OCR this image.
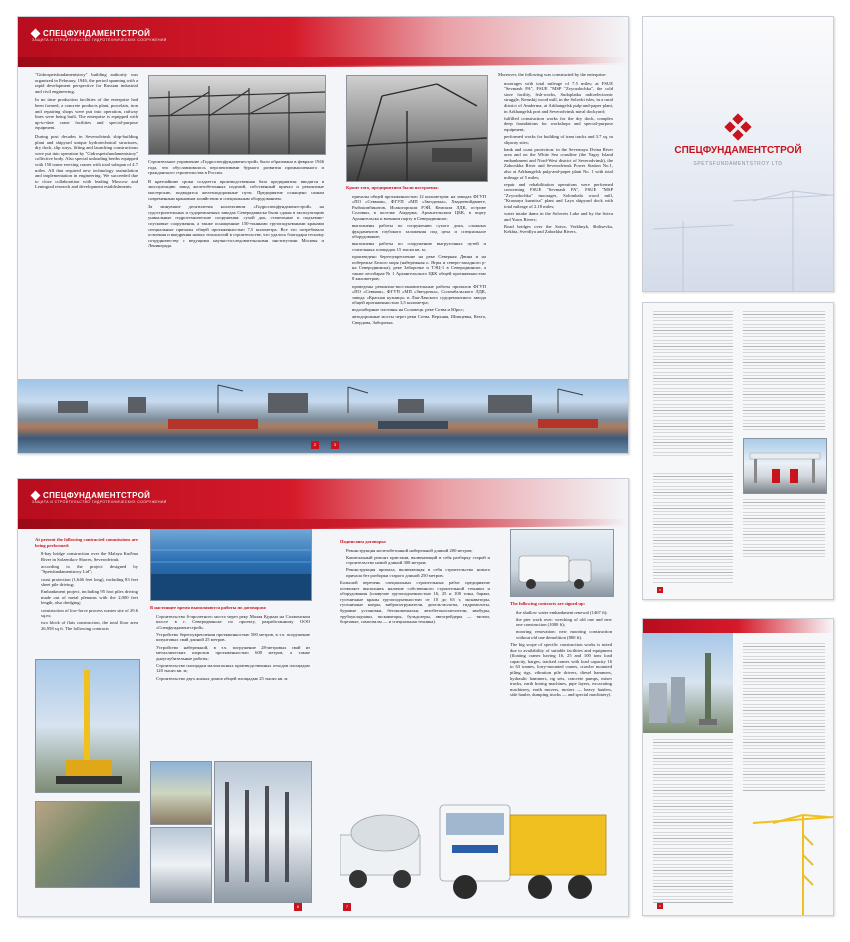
СПЕЦФУНДАМЕНТСТРОЙ
ЗАЩИТА И СТРОИТЕЛЬСТВО ГИДРОТЕХНИЧЕСКИХ СООРУЖЕНИЙ

"Gidrospetsfundamentstroy" building authority was organized in February, 1946, the period spanning with a rapid development perspective for Russian industrial and civil engineering.

In no time production facilities of the enterprise had been formed, a concrete products plant, porcelain, iron and repairing shops were put into operation, railway lines were being built. The enterprise is equipped with up-to-date crane facilities and special-purpose equipment.

During post decades in Severodvinsk ship-building plant and shipyard unique hydrotechnical structures, dry dock, slip ways, lifting and launching constructions were put into operation by "Gidrospetsfundamentstroy" collective body. Also special unloading berths equipped with 150 tonne erecting cranes with total subspan of 4.7 miles. All that required new technology assimilation and implementation in engineering. We succeeded due to close collaboration with leading Moscow and Leningrad research and development establishments.

Строительное управление «Гидроспецфундаментстрой» было образовано в феврале 1946 года, что обуславливалось перспективами бурного развития промышленного и гражданского строительства в России.

В кратчайшие сроки создается производственная база предприятия: вводятся в эксплуатацию завод железобетонных изделий, собственный причал и ремонтные мастерские, подводятся железнодорожные пути. Предприятие оснащено самым современным крановым хозяйством и специальным оборудованием.

За минувшие десятилетия коллективом «Гидроспецфундаментстрой» на судостроительных и судоремонтных заводах Северодвинска были сданы в эксплуатацию уникальные гидротехнические сооружения: сухой док, стапельные и подъемно-спусковые сооружения, а также оснащенные 150-тонными грузоподъемными кранами специальные причалы общей протяженностью 7,5 километра. Все это потребовало освоения и внедрения новых технологий в строительстве, что удалось благодаря тесному сотрудничеству с ведущими научно-исследовательскими институтами Москвы и Ленинграда.

Кроме того, предприятием были построены:

• причалы общей протяженностью 12 километров: на заводах ФГУП «ПО «Севмаш», ФГУП «МП «Звездочка», Хвадеевойдвиеге, Рыбокомбинатов, Исакогорском РЭЙ, Кемском ЛДК, острове Соловки, в поселке Амдерма, Архангельском ЦБК, в порту Архангельска и военном порту в Северодвинске;
• выполнены работы по сооружению сухого дока, сложных фундаментов глубокого заложения под цеха и специальное оборудование;
• выполнены работы по сооружению выгрузочных путей и стапельных площадок 15 тысяч кв. м;
• произведено берегоукрепление на реке Северная Двина и на побережье Белого моря (набережная о. Ягры и северо-западного р-на Северодвинска), реке Заборочье и ТЭЦ-1 в Северодвинске, а также леспбарае № 1 Архангельского ЦБК общей протяженностью 8 километров;
• проведены ремонтно-восстановительные работы причалов ФГУП «ПО «Севмаш», ФГУП «МП «Звездочка», Соломбальского ЛДК, завода «Красная кузница» и Лая-Лаяского судоремонтного завода общей протяженностью 3,5 километра;
• водозаборные плотины на Соловецк. реке Сотва и Юрос;
• автодорожные мосты через реки Сотва, Верхняя, Шипцевка, Кехта, Свердова, Заборочка.

Moreover, the following was constructed by the enterprise:

• moorages with total mileage of 7.5 miles; at FSUE "Sevmash PA", FSUE "MSP "Zvyozdochka", the cold store facility, fish-works, Sudoplatka radioelectronic struggle, Kemskij wood mill, in the Solovki isles, in a rural district of Amderma, at Arkhangelsk pulp-and-paper plant, in Arkhangelsk port and Severodvinsk naval dockyard;
• fulfilled construction works for the dry dock, complex deep foundations for workshops and special-purpose equipment;
• performed works for building of tram tracks and 3.7 sq. m slipway sites;
• bank and coast protection: in the Severnaya Dvina River area and on the White Sea coastline (the Yagry Island embankment and Nord-West district of Severodvinsk), the Zaborskha River and Severodvinsk Power Station No.1, also at Arkhangelsk pulp-and-paper plant No. 1 with total mileage of 5 miles;
• repair and rehabilitation operations were performed concerning FSUE "Sevmash PA", FSUE "MSP "Zvyozdochka" moorages, Solombala wood mill, "Krasnaya kuznitsa" plant and Laya shipyard dock with total mileage of 2.18 miles;
• water intake dams in the Solovets Lake and by the Sotva and Yuros Rivers;
• Road bridges over the Sotva, Verkhnyk, Shiltsevka, Kekhta, Sverdlya and Zaborkha Rivers.
2	3
СПЕЦФУНДАМЕНТСТРОЙ
ЗАЩИТА И СТРОИТЕЛЬСТВО ГИДРОТЕХНИЧЕСКИХ СООРУЖЕНИЙ

At present the following contracted commissions are being performed:

• 8-bay bridge construction over the Malaya Kud'ma River in Solzenikov Shores, Severodvinsk
• according to the project designed by "Spetsfundamentstroy Ltd";
• coast protection (1,646 feet long), including 83 feet sheet pile driving;
• Embankment project, including 95 foot piles driving made out of metal plenums with the 2,000 feet length, also dredging;
• construction of low-force process wastes site of 29.6 sq.m;
• two block of flats construction, the total floor area 26,958 sq ft. The following contracts

В настоящее время выполняются работы по договорам:

• Строительство 6-пролетного моста через реку Малая Кудьма на Солженском шоссе в г. Северодвинске по проекту, разработанному ООО «Спецфундаментстрой».
• Устройство берегоукрепления протяженностью 500 метров, в т.ч. погружение шпунтовых свай длиной 25 метров.
• Устройство набережной, в т.ч. погружение 28-метровых свай из металлических шорохов протяженностью 600 метров, а также дноуглубительные работы;
• Строительство площадки малоопасных производственных отходов площадью 120 тысяч кв. м;
• Строительство двух жилых домов общей площадью 25 тысяч кв. м.

Подписаны договоры:

• Реконструкция железобетонной набережной длиной 200 метров;
• Капитальный ремонт пристани, включающий в себя разборку старой и строительство новой длиной 300 метров;
• Реконструкция причала, включающая в себя строительство нового причала без разборки старого длиной 250 метров.

Большой перечень специальных строительных работ предприятие позволяет выполнять наличие собственного строительной техники и оборудования (плавучие грузоподъемностью 16, 25 и 100 тонн, баржи, гусеничные краны грузоподъемностью от 10 до 63 т, экскаваторы, гусеничные копры, вибропогружатели, дизель-молоты, гидромолоты, буровые установки, бетономешалки, автобетоносмесители, явобуры, трубоукладчики, экскаваторы, бульдозеры, автогрейдеры — тягачи, бортовые, самосвалы — и специальная техника).

The following contracts are signed up:

• the shallow water embankment renewal (1467 ft);
• the pier work over: wrecking of old one and new one construction (1000 ft);
• mooring renovation: new mooring construction without old one demolition (800 ft).

The big scope of specific construction works is noted due to availability of suitable facilities and equipment (floating cranes having 16, 25 and 100 tons load capacity, barges, tracked cranes with load capacity 16 to 63 tonnes, lorry-mounted cranes, crawler mounted piling rigs, vibration pile drivers, diesel hammers, hydraulic hammers, rig sets, concrete pumps, mixer trucks, earth boring machines, pipe layers, excavating machinery, earth movers, motors — heavy haulers, side hauler, dumping trucks — and special machinery).

6	7
СПЕЦФУНДАМЕНТСТРОЙ
SPETSFUNDAMENTSTROY LTD
5
1
